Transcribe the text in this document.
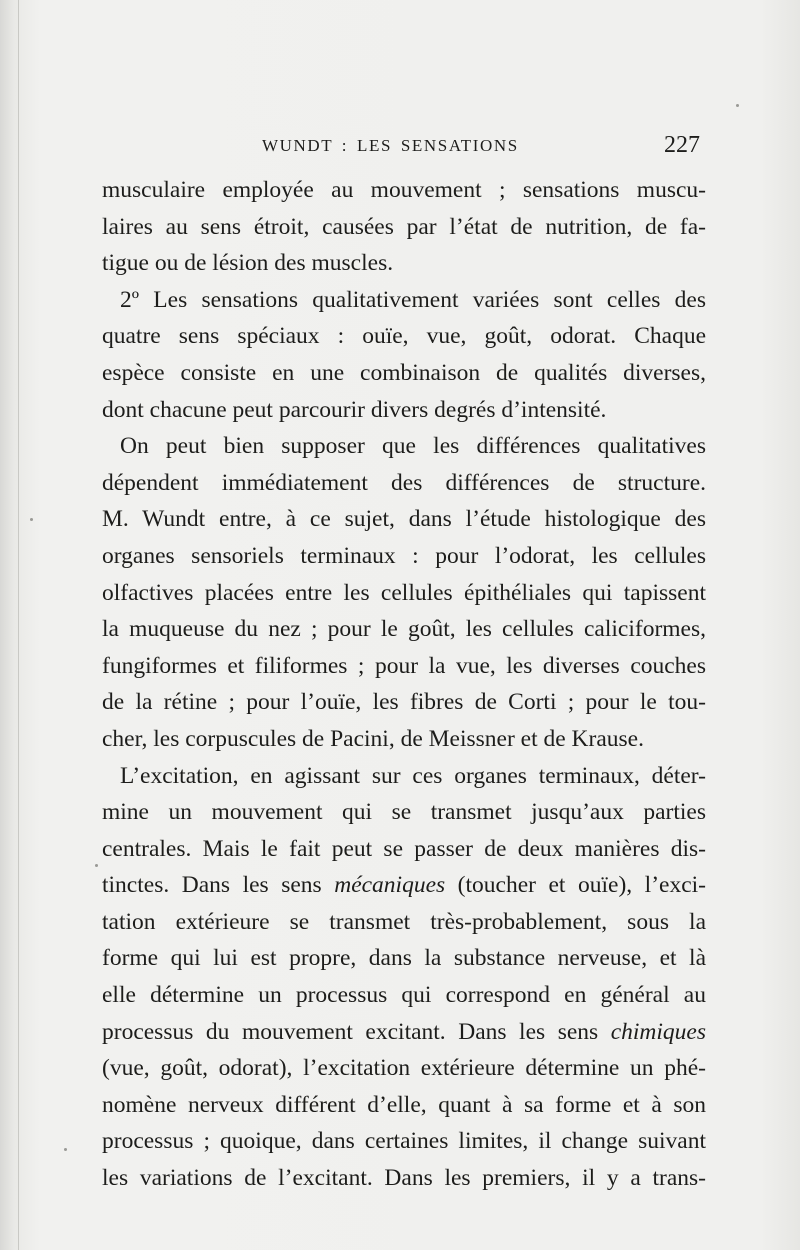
WUNDT : LES SENSATIONS	227
musculaire employée au mouvement ; sensations muscu-
laires au sens étroit, causées par l’état de nutrition, de fa-
tigue ou de lésion des muscles.
2º Les sensations qualitativement variées sont celles des
quatre sens spéciaux : ouïe, vue, goût, odorat. Chaque
espèce consiste en une combinaison de qualités diverses,
dont chacune peut parcourir divers degrés d’intensité.
On peut bien supposer que les différences qualitatives
dépendent immédiatement des différences de structure.
M. Wundt entre, à ce sujet, dans l’étude histologique des
organes sensoriels terminaux : pour l’odorat, les cellules
olfactives placées entre les cellules épithéliales qui tapissent
la muqueuse du nez ; pour le goût, les cellules caliciformes,
fungiformes et filiformes ; pour la vue, les diverses couches
de la rétine ; pour l’ouïe, les fibres de Corti ; pour le tou-
cher, les corpuscules de Pacini, de Meissner et de Krause.
L’excitation, en agissant sur ces organes terminaux, déter-
mine un mouvement qui se transmet jusqu’aux parties
centrales. Mais le fait peut se passer de deux manières dis-
tinctes. Dans les sens mécaniques (toucher et ouïe), l’exci-
tation extérieure se transmet très-probablement, sous la
forme qui lui est propre, dans la substance nerveuse, et là
elle détermine un processus qui correspond en général au
processus du mouvement excitant. Dans les sens chimiques
(vue, goût, odorat), l’excitation extérieure détermine un phé-
nomène nerveux différent d’elle, quant à sa forme et à son
processus ; quoique, dans certaines limites, il change suivant
les variations de l’excitant. Dans les premiers, il y a trans-
